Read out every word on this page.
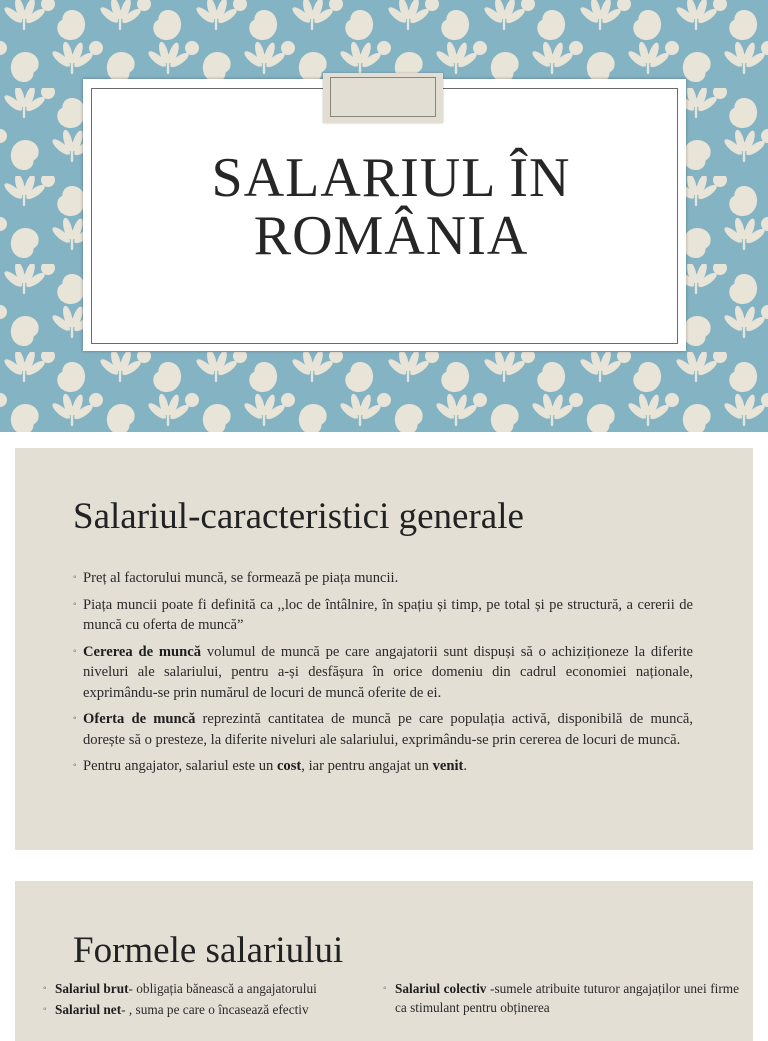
SALARIUL ÎN
ROMÂNIA
Salariul-caracteristici generale
◦ Preț al factorului muncă, se formează pe piața muncii.
◦ Piața muncii poate fi definită ca ,,loc de întâlnire, în spațiu și timp, pe total și pe structură, a cererii de muncă cu oferta de muncă”
◦ Cererea de muncă volumul de muncă pe care angajatorii sunt dispuși să o achiziționeze la diferite niveluri ale salariului, pentru a-și desfășura în orice domeniu din cadrul economiei naționale, exprimându-se prin numărul de locuri de muncă oferite de ei.
◦ Oferta de muncă reprezintă cantitatea de muncă pe care populația activă, disponibilă de muncă, dorește să o presteze, la diferite niveluri ale salariului, exprimându-se prin cererea de locuri de muncă.
◦ Pentru angajator, salariul este un cost, iar pentru angajat un venit.
Formele salariului
◦ Salariul brut- obligația bănească a angajatorului
◦ Salariul net- , suma pe care o încasează efectiv
◦ Salariul colectiv -sumele atribuite tuturor angajaților unei firme ca stimulant pentru obținerea
